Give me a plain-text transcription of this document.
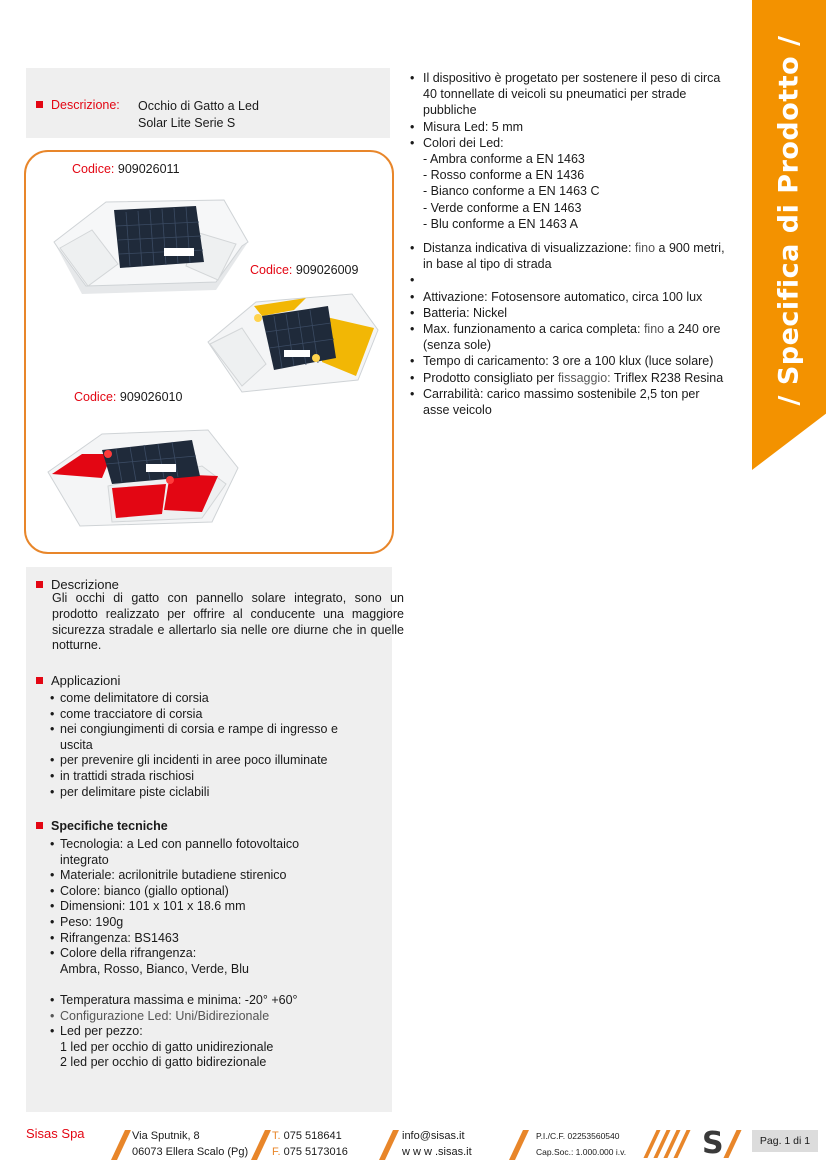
/ Specifica di Prodotto /
Descrizione: Occhio di Gatto a Led
Solar Lite Serie S
Codice: 909026011
Codice: 909026009
Codice: 909026010
Descrizione
Gli occhi di gatto con pannello solare integrato, sono un prodotto realizzato per offrire al conducente una maggiore sicurezza stradale e allertarlo sia nelle ore diurne che in quelle notturne.
Applicazioni
• come delimitatore di corsia
• come tracciatore di corsia
• nei congiungimenti di corsia e rampe di ingresso e uscita
• per prevenire gli incidenti in aree poco illuminate
• in trattidi strada rischiosi
• per delimitare piste ciclabili
Specifiche tecniche
• Tecnologia: a Led con pannello fotovoltaico integrato
• Materiale: acrilonitrile butadiene stirenico
• Colore: bianco (giallo optional)
• Dimensioni: 101 x 101 x 18.6 mm
• Peso: 190g
• Rifrangenza: BS1463
• Colore della rifrangenza:
Ambra, Rosso, Bianco, Verde, Blu
• Temperatura massima e minima: -20° +60°
• Configurazione Led: Uni/Bidirezionale
• Led per pezzo:
1 led per occhio di gatto unidirezionale
2 led per occhio di gatto bidirezionale
• Il dispositivo è progetato per sostenere il peso di circa 40 tonnellate di veicoli su pneumatici per strade pubbliche
• Misura Led: 5 mm
• Colori dei Led:
- Ambra conforme a EN 1463
- Rosso conforme a EN 1436
- Bianco conforme a EN 1463 C
- Verde conforme a EN 1463
- Blu conforme a EN 1463 A
• Distanza indicativa di visualizzazione: fino a 900 metri, in base al tipo di strada
•
• Attivazione: Fotosensore automatico, circa 100 lux
• Batteria: Nickel
• Max. funzionamento a carica completa: fino a 240 ore (senza sole)
• Tempo di caricamento: 3 ore a 100 klux (luce solare)
• Prodotto consigliato per fissaggio: Triflex R238 Resina
• Carrabilità: carico massimo sostenibile 2,5 ton per asse veicolo
Sisas Spa	Via Sputnik, 8
06073 Ellera Scalo (Pg)
T. 075 518641
F. 075 5173016
info@sisas.it
w w w .sisas.it
P.I./C.F. 02253560540
Cap.Soc.: 1.000.000 i.v.	S	Pag. 1 di 1
